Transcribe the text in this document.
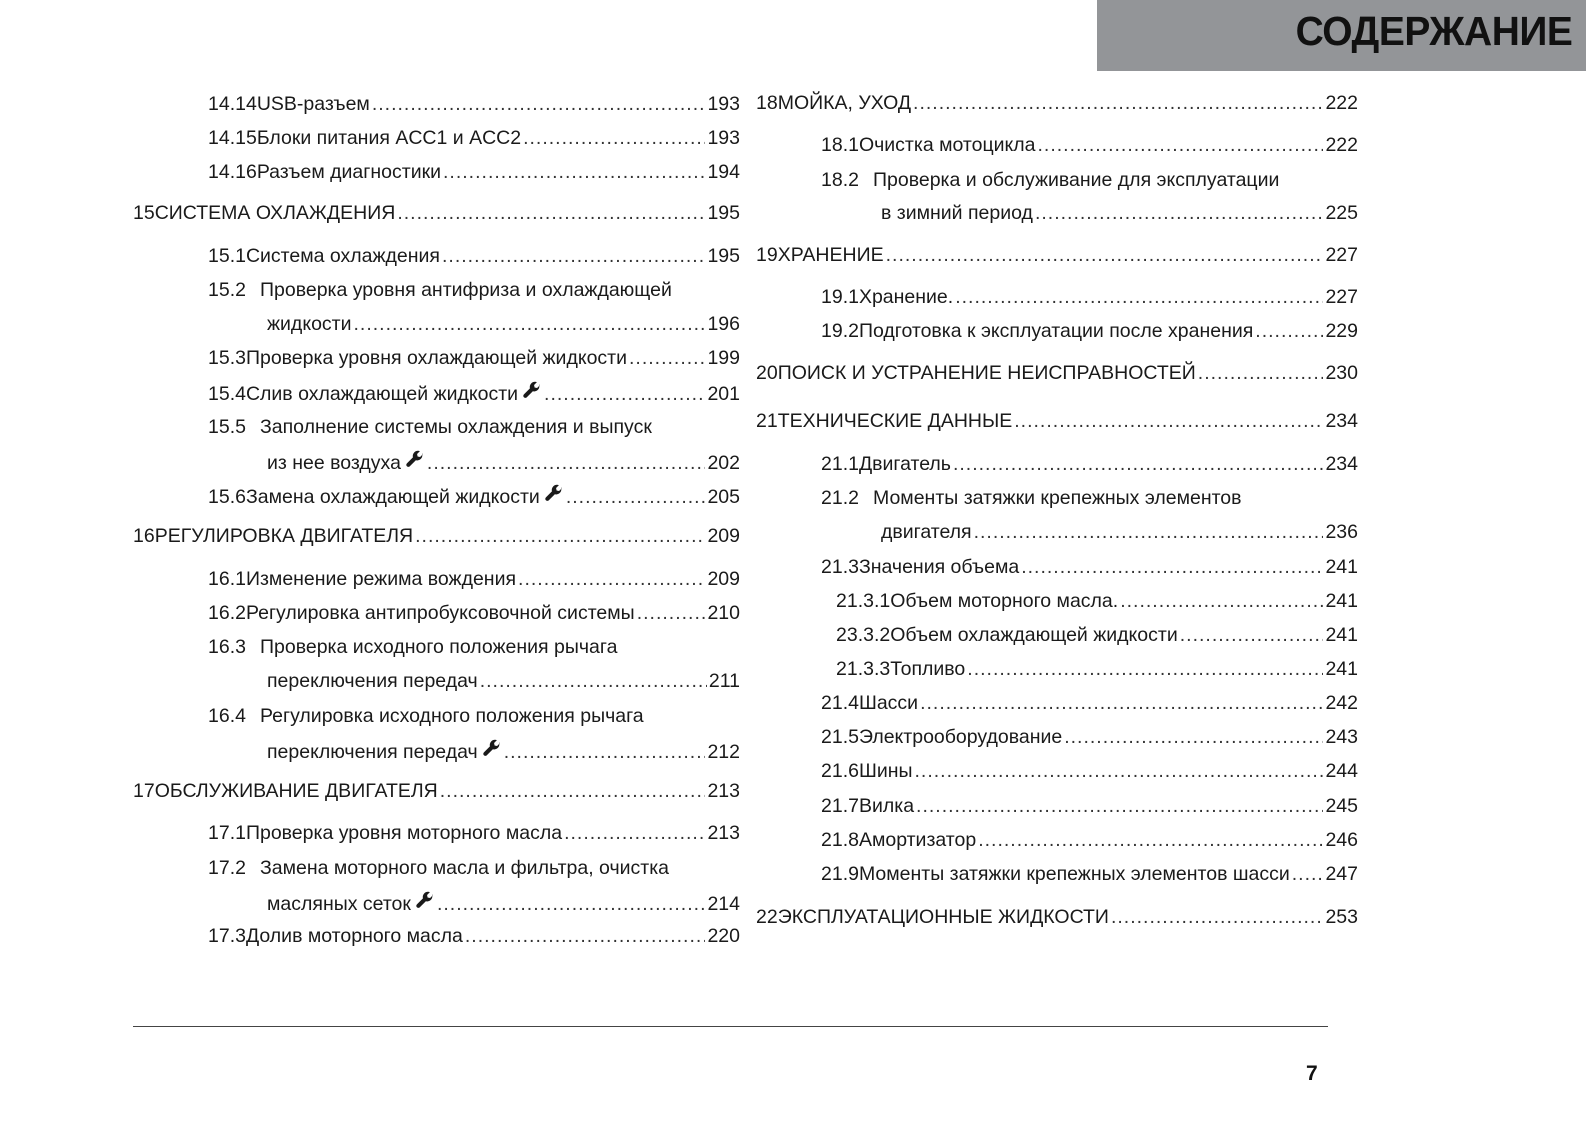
СОДЕРЖАНИЕ
14.14 USB-разъем .....	193
14.15 Блоки питания ACC1 и ACC2 .....	193
14.16 Разъем диагностики .....	194
15 СИСТЕМА ОХЛАЖДЕНИЯ .....	195
15.1 Система охлаждения .....	195
15.2 Проверка уровня антифриза и охлаждающей
жидкости .....	196
15.3 Проверка уровня охлаждающей жидкости .....	199
15.4 Слив охлаждающей жидкости .....	201
15.5 Заполнение системы охлаждения и выпуск
из нее воздуха .....	202
15.6 Замена охлаждающей жидкости .....	205
16 РЕГУЛИРОВКА ДВИГАТЕЛЯ .....	209
16.1 Изменение режима вождения .....	209
16.2 Регулировка антипробуксовочной системы .....	210
16.3 Проверка исходного положения рычага
переключения передач .....	211
16.4 Регулировка исходного положения рычага
переключения передач .....	212
17 ОБСЛУЖИВАНИЕ ДВИГАТЕЛЯ .....	213
17.1 Проверка уровня моторного масла .....	213
17.2 Замена моторного масла и фильтра, очистка
масляных сеток .....	214
17.3 Долив моторного масла .....	220
18 МОЙКА, УХОД .....	222
18.1 Очистка мотоцикла .....	222
18.2 Проверка и обслуживание для эксплуатации
в зимний период .....	225
19 ХРАНЕНИЕ .....	227
19.1 Хранение. .....	227
19.2 Подготовка к эксплуатации после хранения .....	229
20 ПОИСК И УСТРАНЕНИЕ НЕИСПРАВНОСТЕЙ .....	230
21 ТЕХНИЧЕСКИЕ ДАННЫЕ .....	234
21.1 Двигатель .....	234
21.2 Моменты затяжки крепежных элементов
двигателя .....	236
21.3 Значения объема .....	241
21.3.1 Объем моторного масла. .....	241
23.3.2 Объем охлаждающей жидкости .....	241
21.3.3 Топливо .....	241
21.4 Шасси .....	242
21.5 Электрооборудование .....	243
21.6 Шины .....	244
21.7 Вилка .....	245
21.8 Амортизатор .....	246
21.9 Моменты затяжки крепежных элементов шасси ..... 247
22 ЭКСПЛУАТАЦИОННЫЕ ЖИДКОСТИ .....	253
7
